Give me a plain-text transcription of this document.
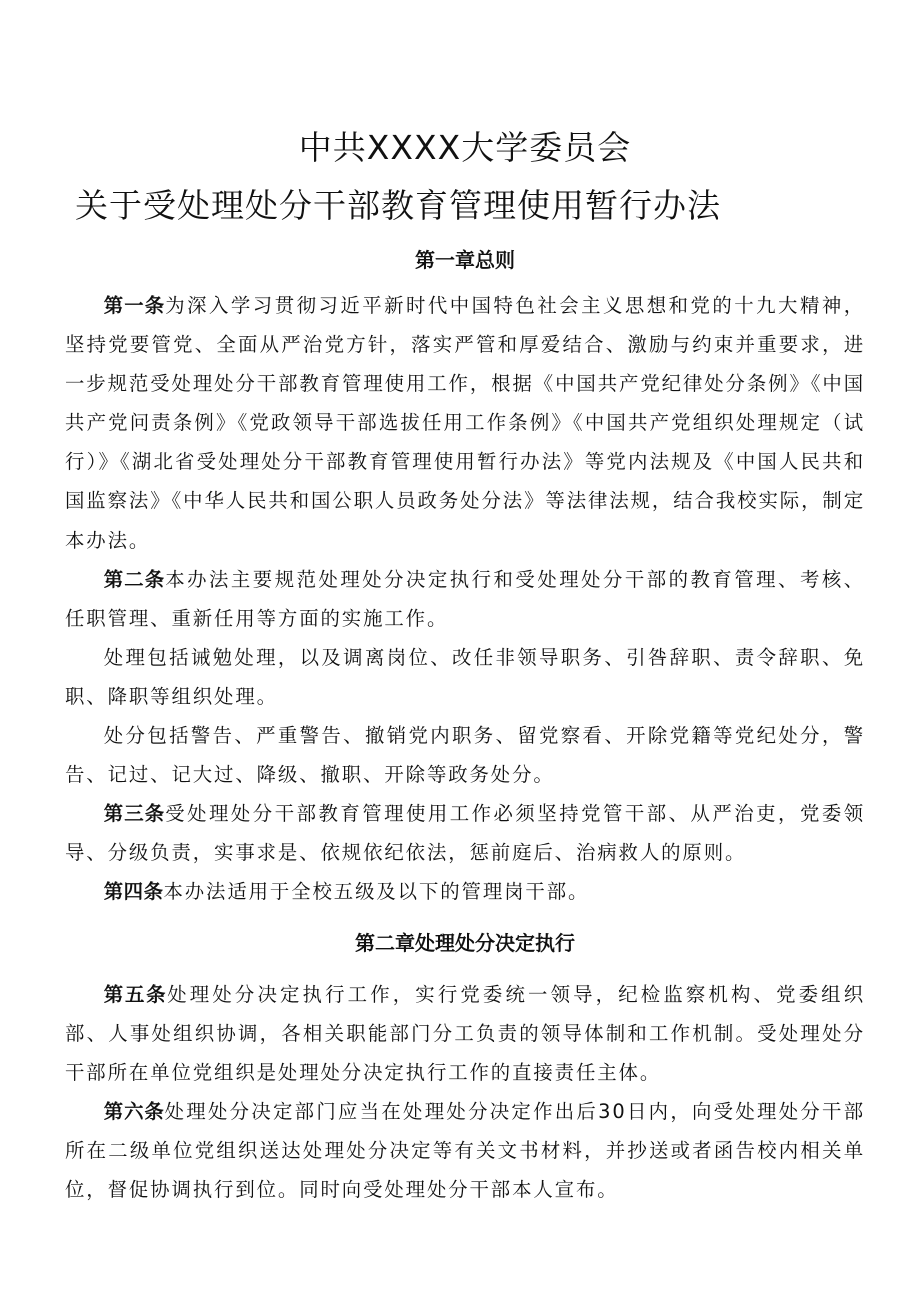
中共XXXX大学委员会
关于受处理处分干部教育管理使用暂行办法
第一章总则

第一条为深入学习贯彻习近平新时代中国特色社会主义思想和党的十九大精神，坚持党要管党、全面从严治党方针，落实严管和厚爱结合、激励与约束并重要求，进一步规范受处理处分干部教育管理使用工作，根据《中国共产党纪律处分条例》《中国共产党问责条例》《党政领导干部选拔任用工作条例》《中国共产党组织处理规定（试行）》《湖北省受处理处分干部教育管理使用暂行办法》等党内法规及《中国人民共和国监察法》《中华人民共和国公职人员政务处分法》等法律法规，结合我校实际，制定本办法。

第二条本办法主要规范处理处分决定执行和受处理处分干部的教育管理、考核、任职管理、重新任用等方面的实施工作。

处理包括诫勉处理，以及调离岗位、改任非领导职务、引咎辞职、责令辞职、免职、降职等组织处理。

处分包括警告、严重警告、撤销党内职务、留党察看、开除党籍等党纪处分，警告、记过、记大过、降级、撤职、开除等政务处分。

第三条受处理处分干部教育管理使用工作必须坚持党管干部、从严治吏，党委领导、分级负责，实事求是、依规依纪依法，惩前庭后、治病救人的原则。

第四条本办法适用于全校五级及以下的管理岗干部。

第二章处理处分决定执行

第五条处理处分决定执行工作，实行党委统一领导，纪检监察机构、党委组织部、人事处组织协调，各相关职能部门分工负责的领导体制和工作机制。受处理处分干部所在单位党组织是处理处分决定执行工作的直接责任主体。

第六条处理处分决定部门应当在处理处分决定作出后30日内，向受处理处分干部所在二级单位党组织送达处理处分决定等有关文书材料，并抄送或者函告校内相关单位，督促协调执行到位。同时向受处理处分干部本人宣布。
